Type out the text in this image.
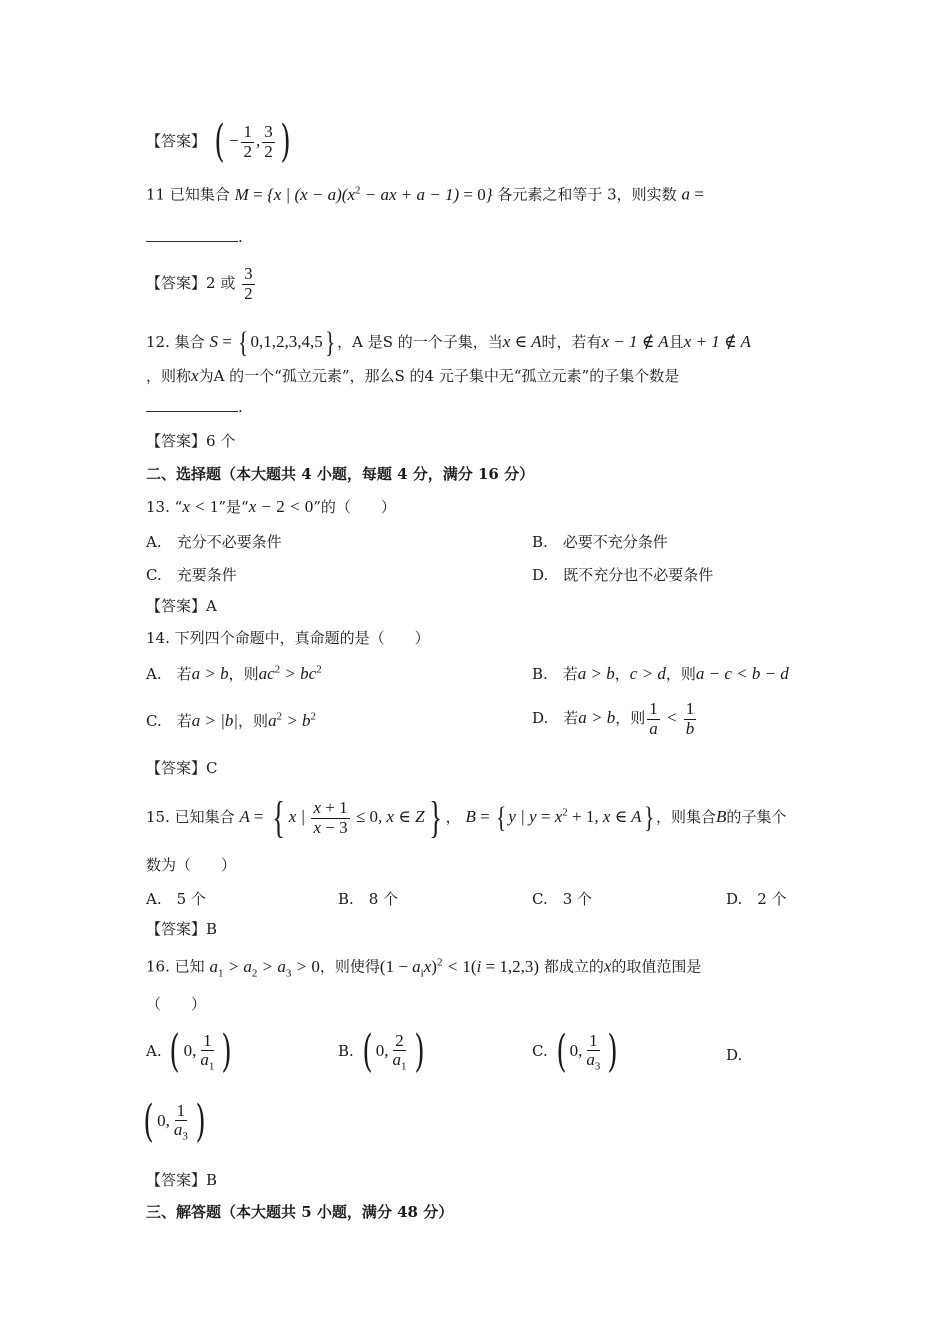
【答案】 ( − $\frac{1}{2}$ , $\frac{3}{2}$ )
11 已知集合 M = {x | $(x - a)(x^2$ − ax + a − 1) = 0} 各元素之和等于 3，则实数 a =
.
【答案】2 或 $\frac{3}{2}$
12. 集合 S = { 0,1,2,3,4,5} ，A 是S 的一个子集，当x ∈ A时，若有x − 1 ∉ A且x + 1 ∉ A
，则称x为A 的一个“孤立元素”，那么S 的4 元子集中无“孤立元素”的子集个数是
.
【答案】6 个
二、选择题（本大题共 4 小题，每题 4 分，满分 16 分）
13. “x < 1”是“x − 2 < 0”的（　　）
A.　充分不必要条件	B.　必要不充分条件
C.　充要条件	D.　既不充分也不必要条件
【答案】A
14. 下列四个命题中，真命题的是（　　）
A.　若a > b，则$ac^2 > bc^2$	B.　若a > b，c > d，则a − c < b − d
C.　若a > |b|，则$a^2 > b^2$	D.　若a > b，则 $\frac{1}{a} < \frac{1}{b}$
【答案】C
15. 已知集合 A = { x | $\frac{x + 1}{x - 3} \le 0$, x ∈ Z} ， B = { y | $y = x^2 + 1$, x ∈ A} ，则集合B的子集个
数为（　　）
A.　5 个	B.　8 个	C.　3 个	D.　2 个
【答案】B
16. 已知 $a_1 > a_2 > a_3 > 0$，则使得$(1 - a_ix)^2 < 1(i = 1,2,3)$ 都成立的x的取值范围是
（　　）
A. ( 0, $\frac{1}{a_1}$ )	B. ( 0, $\frac{2}{a_1}$ )	C. ( 0, $\frac{1}{a_3}$ )	D.
( 0, $\frac{1}{a_3}$ )
【答案】B
三、解答题（本大题共 5 小题，满分 48 分）
